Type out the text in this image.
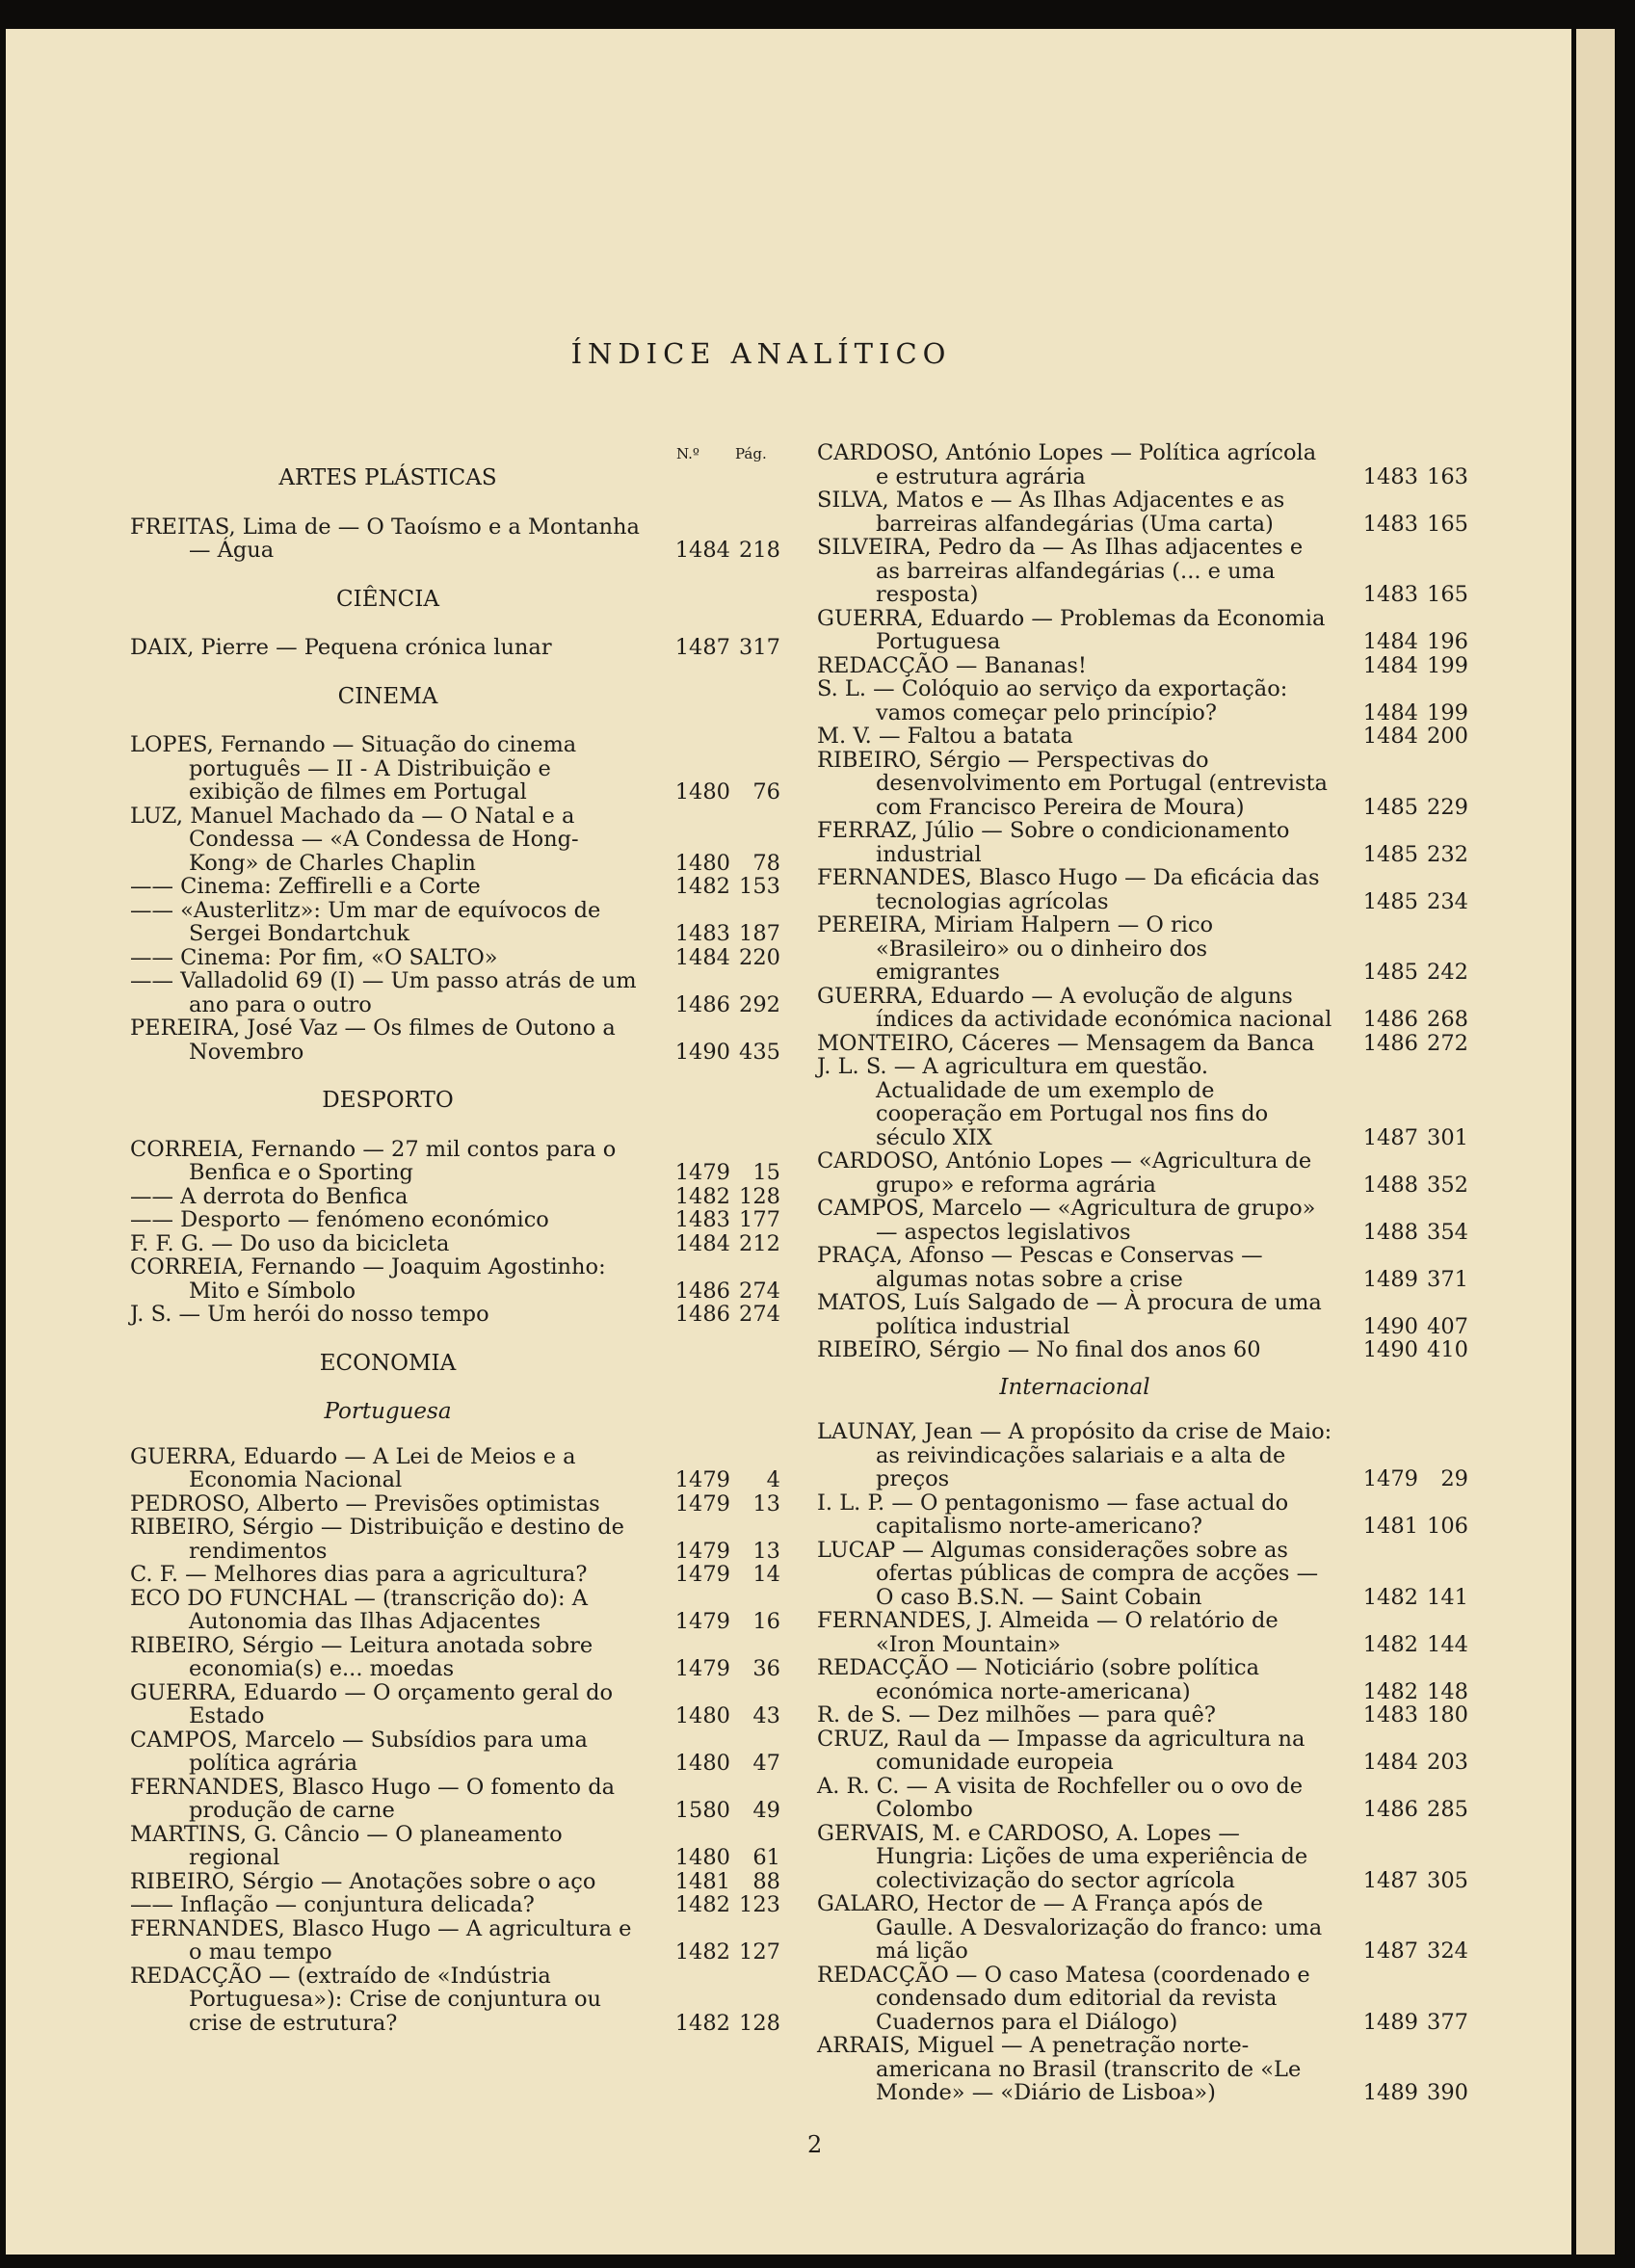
ÍNDICE ANALÍTICO
N.º Pág.
ARTES PLÁSTICAS
FREITAS, Lima de — O Taoísmo e a Montanha — Água	1484 218
CIÊNCIA
DAIX, Pierre — Pequena crónica lunar	1487 317
CINEMA
LOPES, Fernando — Situação do cinema português — II - A Distribuição e exibição de filmes em Portugal	1480	76
LUZ, Manuel Machado da — O Natal e a Condessa — «A Condessa de Hong-Kong» de Charles Chaplin	1480	78
—— Cinema: Zeffirelli e a Corte	1482 153
—— «Austerlitz»: Um mar de equívocos de Sergei Bondartchuk	1483 187
—— Cinema: Por fim, «O SALTO»	1484 220
—— Valladolid 69 (I) — Um passo atrás de um ano para o outro	1486 292
PEREIRA, José Vaz — Os filmes de Outono a Novembro	1490 435
DESPORTO
CORREIA, Fernando — 27 mil contos para o Benfica e o Sporting	1479	15
—— A derrota do Benfica	1482 128
—— Desporto — fenómeno económico	1483 177
F. F. G. — Do uso da bicicleta	1484 212
CORREIA, Fernando — Joaquim Agostinho: Mito e Símbolo	1486 274
J. S. — Um herói do nosso tempo	1486 274
ECONOMIA
Portuguesa
GUERRA, Eduardo — A Lei de Meios e a Economia Nacional	1479	4
PEDROSO, Alberto — Previsões optimistas	1479	13
RIBEIRO, Sérgio — Distribuição e destino de rendimentos	1479	13
C. F. — Melhores dias para a agricultura?	1479	14
ECO DO FUNCHAL — (transcrição do): A Autonomia das Ilhas Adjacentes	1479	16
RIBEIRO, Sérgio — Leitura anotada sobre economia(s) e... moedas	1479	36
GUERRA, Eduardo — O orçamento geral do Estado	1480	43
CAMPOS, Marcelo — Subsídios para uma política agrária	1480	47
FERNANDES, Blasco Hugo — O fomento da produção de carne	1580	49
MARTINS, G. Câncio — O planeamento regional	1480	61
RIBEIRO, Sérgio — Anotações sobre o aço	1481	88
—— Inflação — conjuntura delicada?	1482 123
FERNANDES, Blasco Hugo — A agricultura e o mau tempo	1482 127
REDACÇÃO — (extraído de «Indústria Portuguesa»): Crise de conjuntura ou crise de estrutura?	1482 128
CARDOSO, António Lopes — Política agrícola e estrutura agrária	1483 163
SILVA, Matos e — As Ilhas Adjacentes e as barreiras alfandegárias (Uma carta)	1483 165
SILVEIRA, Pedro da — As Ilhas adjacentes e as barreiras alfandegárias (... e uma resposta)	1483 165
GUERRA, Eduardo — Problemas da Economia Portuguesa	1484 196
REDACÇÃO — Bananas!	1484 199
S. L. — Colóquio ao serviço da exportação: vamos começar pelo princípio?	1484 199
M. V. — Faltou a batata	1484 200
RIBEIRO, Sérgio — Perspectivas do desenvolvimento em Portugal (entrevista com Francisco Pereira de Moura)	1485 229
FERRAZ, Júlio — Sobre o condicionamento industrial	1485 232
FERNANDES, Blasco Hugo — Da eficácia das tecnologias agrícolas	1485 234
PEREIRA, Miriam Halpern — O rico «Brasileiro» ou o dinheiro dos emigrantes	1485 242
GUERRA, Eduardo — A evolução de alguns índices da actividade económica nacional	1486 268
MONTEIRO, Cáceres — Mensagem da Banca	1486 272
J. L. S. — A agricultura em questão. Actualidade de um exemplo de cooperação em Portugal nos fins do século XIX	1487 301
CARDOSO, António Lopes — «Agricultura de grupo» e reforma agrária	1488 352
CAMPOS, Marcelo — «Agricultura de grupo» — aspectos legislativos	1488 354
PRAÇA, Afonso — Pescas e Conservas — algumas notas sobre a crise	1489 371
MATOS, Luís Salgado de — À procura de uma política industrial	1490 407
RIBEIRO, Sérgio — No final dos anos 60	1490 410
Internacional
LAUNAY, Jean — A propósito da crise de Maio: as reivindicações salariais e a alta de preços	1479	29
I. L. P. — O pentagonismo — fase actual do capitalismo norte-americano?	1481 106
LUCAP — Algumas considerações sobre as ofertas públicas de compra de acções — O caso B.S.N. — Saint Cobain	1482 141
FERNANDES, J. Almeida — O relatório de «Iron Mountain»	1482 144
REDACÇÃO — Noticiário (sobre política económica norte-americana)	1482 148
R. de S. — Dez milhões — para quê?	1483 180
CRUZ, Raul da — Impasse da agricultura na comunidade europeia	1484 203
A. R. C. — A visita de Rochfeller ou o ovo de Colombo	1486 285
GERVAIS, M. e CARDOSO, A. Lopes — Hungria: Lições de uma experiência de colectivização do sector agrícola	1487 305
GALARO, Hector de — A França após de Gaulle. A Desvalorização do franco: uma má lição	1487 324
REDACÇÃO — O caso Matesa (coordenado e condensado dum editorial da revista Cuadernos para el Diálogo)	1489 377
ARRAIS, Miguel — A penetração norte-americana no Brasil (transcrito de «Le Monde» — «Diário de Lisboa»)	1489 390
2
